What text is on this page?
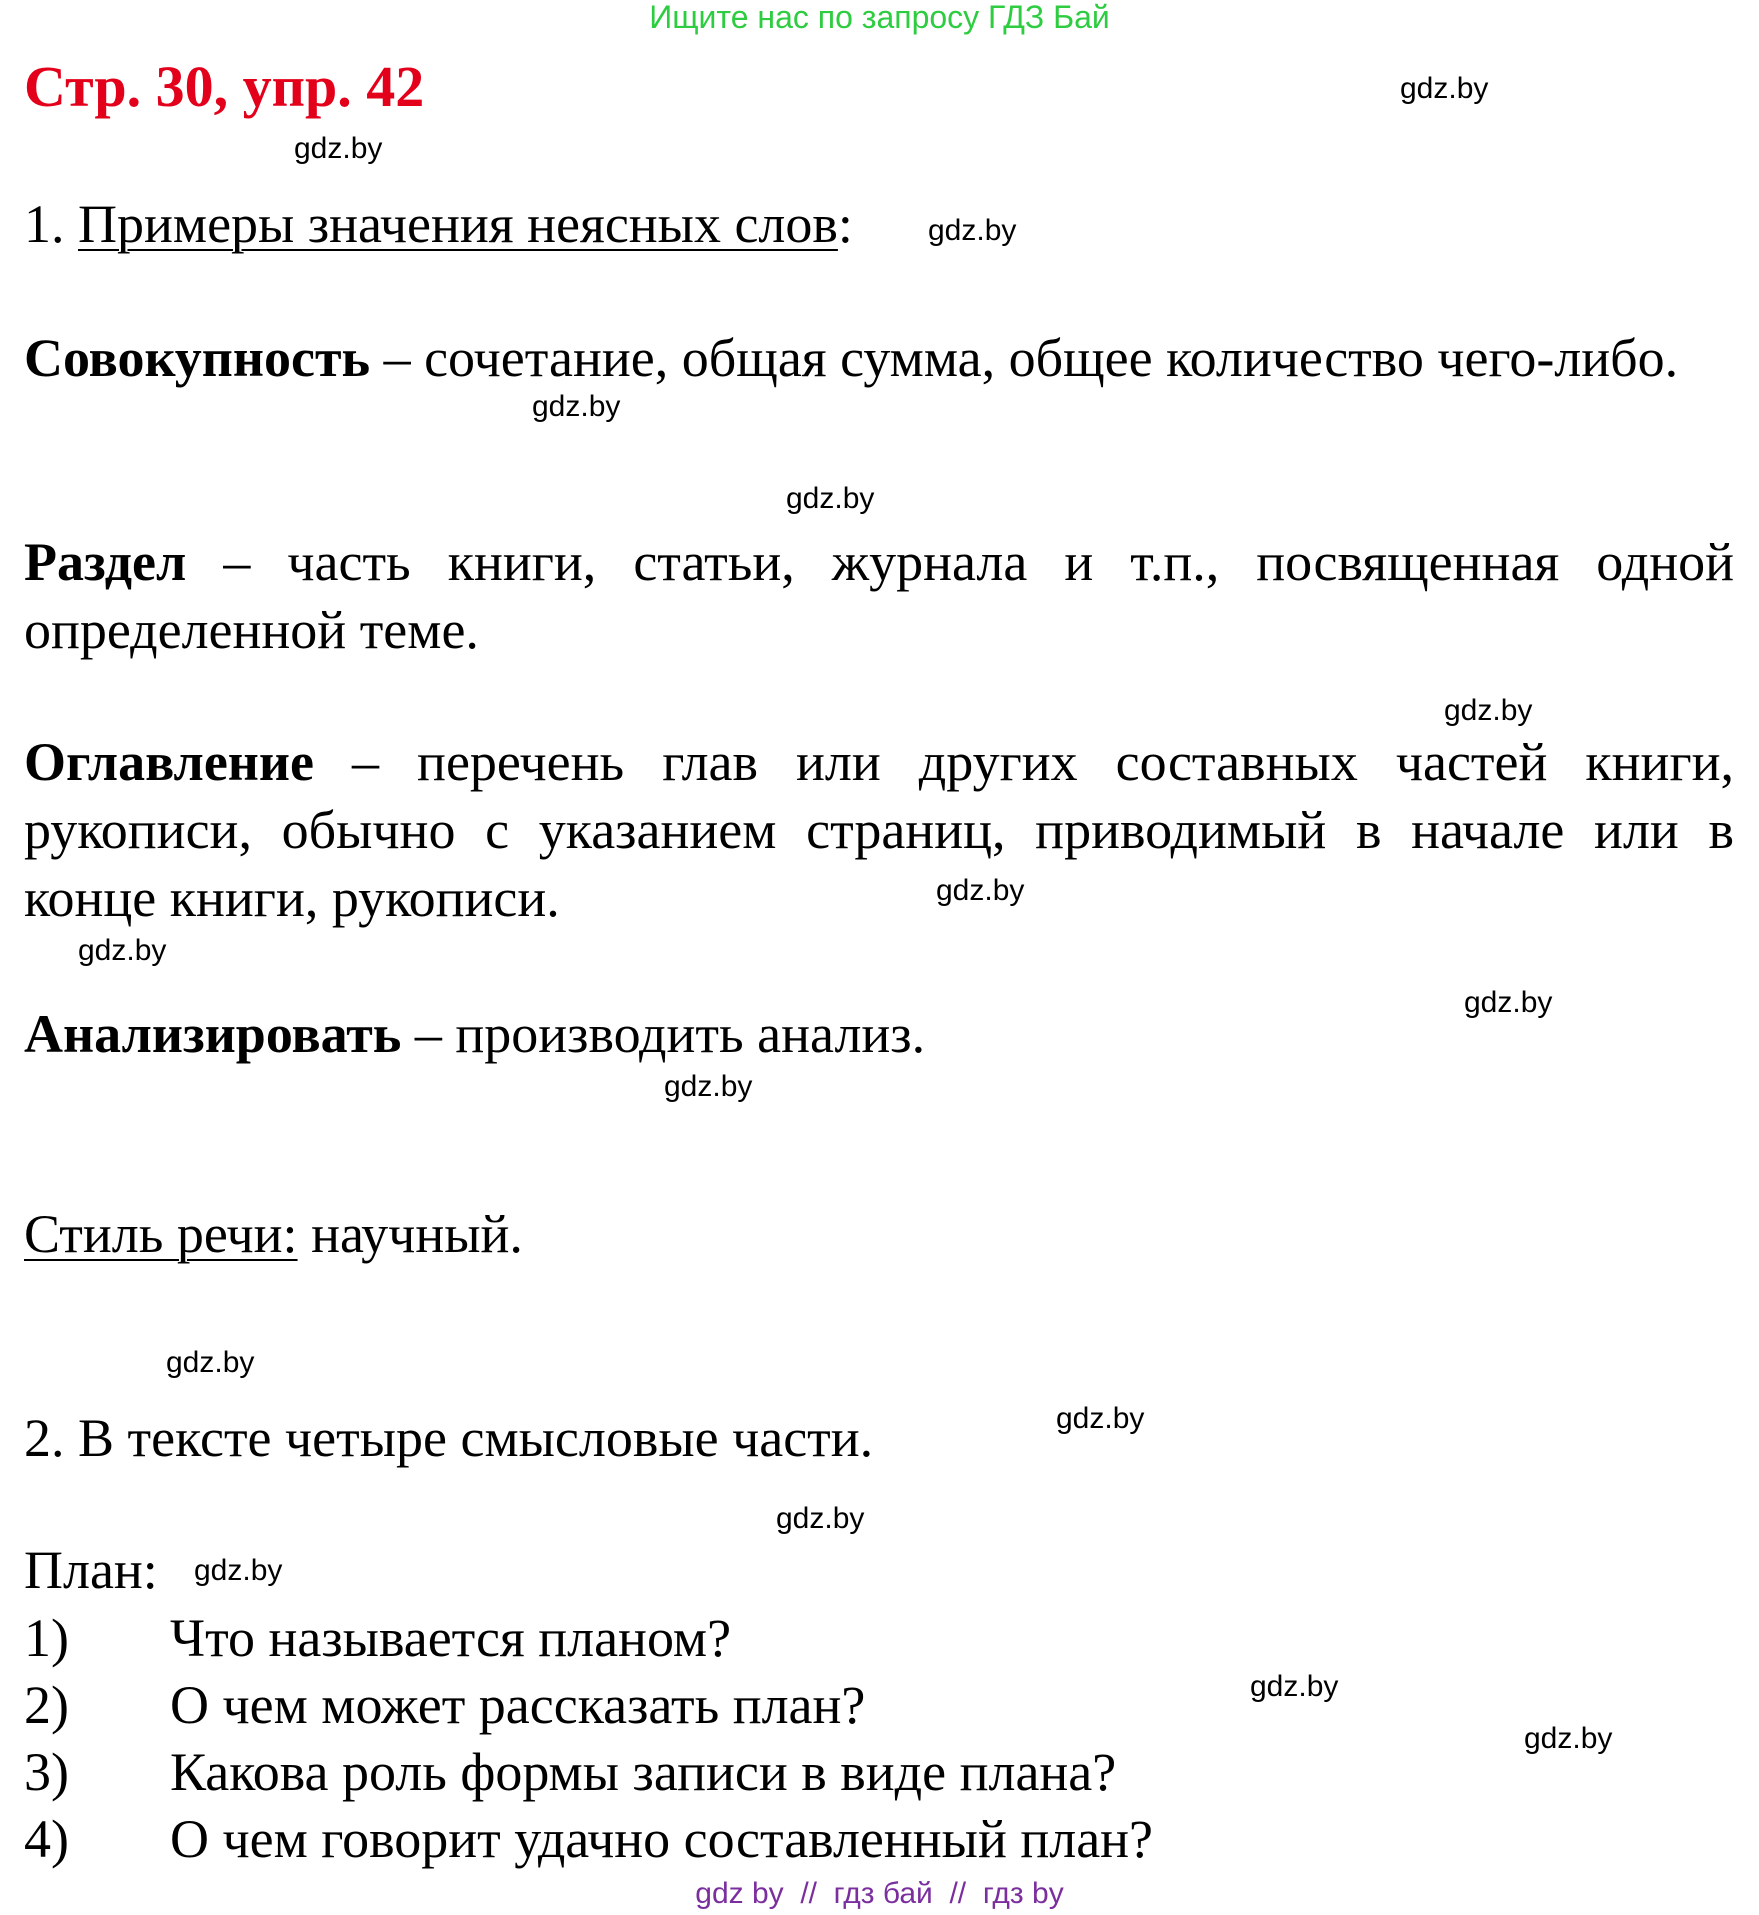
Ищите нас по запросу ГДЗ Бай
Стр. 30, упр. 42	gdz.by
gdz.by
gdz.by
gdz.by
gdz.by
gdz.by
gdz.by
gdz.by
gdz.by
gdz.by
gdz.by
gdz.by
gdz.by
gdz.by
gdz.by
gdz.by
1. Примеры значения неясных слов:
Совокупность – сочетание, общая сумма, общее количество чего-либо.
Раздел – часть книги, статьи, журнала и т.п., посвященная одной определенной теме.
Оглавление – перечень глав или других составных частей книги, рукописи, обычно с указанием страниц, приводимый в начале или в конце книги, рукописи.
Анализировать – производить анализ.
Стиль речи: научный.
2. В тексте четыре смысловые части.
План:
1) Что называется планом?
2) О чем может рассказать план?
3) Какова роль формы записи в виде плана?
4) О чем говорит удачно составленный план?
gdz by  //  гдз бай  //  гдз by
